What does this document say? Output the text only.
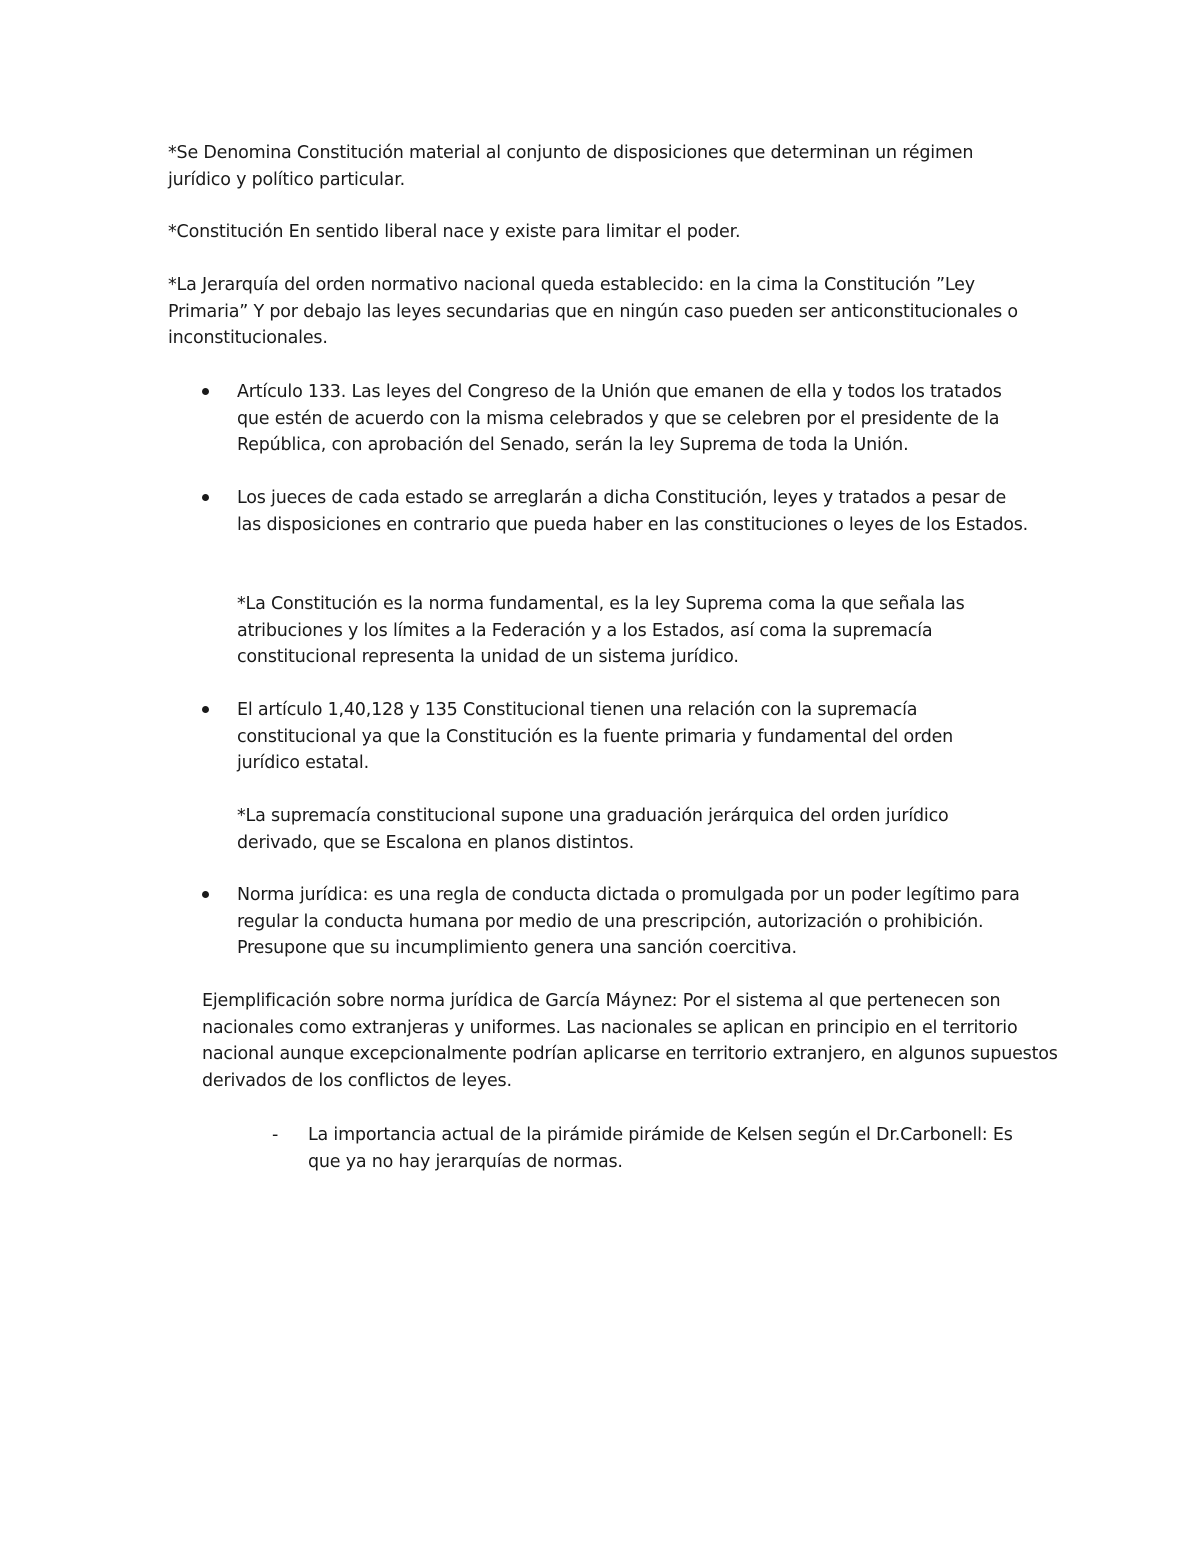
*Se Denomina Constitución material al conjunto de disposiciones que determinan un régimen jurídico y político particular.

*Constitución En sentido liberal nace y existe para limitar el poder.

*La Jerarquía del orden normativo nacional queda establecido: en la cima la Constitución ”Ley Primaria” Y por debajo las leyes secundarias que en ningún caso pueden ser anticonstitucionales o inconstitucionales.

Artículo 133. Las leyes del Congreso de la Unión que emanen de ella y todos los tratados que estén de acuerdo con la misma celebrados y que se celebren por el presidente de la República, con aprobación del Senado, serán la ley Suprema de toda la Unión.

Los jueces de cada estado se arreglarán a dicha Constitución, leyes y tratados a pesar de las disposiciones en contrario que pueda haber en las constituciones o leyes de los Estados.

*La Constitución es la norma fundamental, es la ley Suprema coma la que señala las atribuciones y los límites a la Federación y a los Estados, así coma la supremacía constitucional representa la unidad de un sistema jurídico.

El artículo 1,40,128 y 135 Constitucional tienen una relación con la supremacía constitucional ya que la Constitución es la fuente primaria y fundamental del orden jurídico estatal.

*La supremacía constitucional supone una graduación jerárquica del orden jurídico derivado, que se Escalona en planos distintos.

Norma jurídica: es una regla de conducta dictada o promulgada por un poder legítimo para regular la conducta humana por medio de una prescripción, autorización o prohibición. Presupone que su incumplimiento genera una sanción coercitiva.

Ejemplificación sobre norma jurídica de García Máynez: Por el sistema al que pertenecen son nacionales como extranjeras y uniformes. Las nacionales se aplican en principio en el territorio nacional aunque excepcionalmente podrían aplicarse en territorio extranjero, en algunos supuestos derivados de los conflictos de leyes.

- La importancia actual de la pirámide pirámide de Kelsen según el Dr.Carbonell: Es que ya no hay jerarquías de normas.
